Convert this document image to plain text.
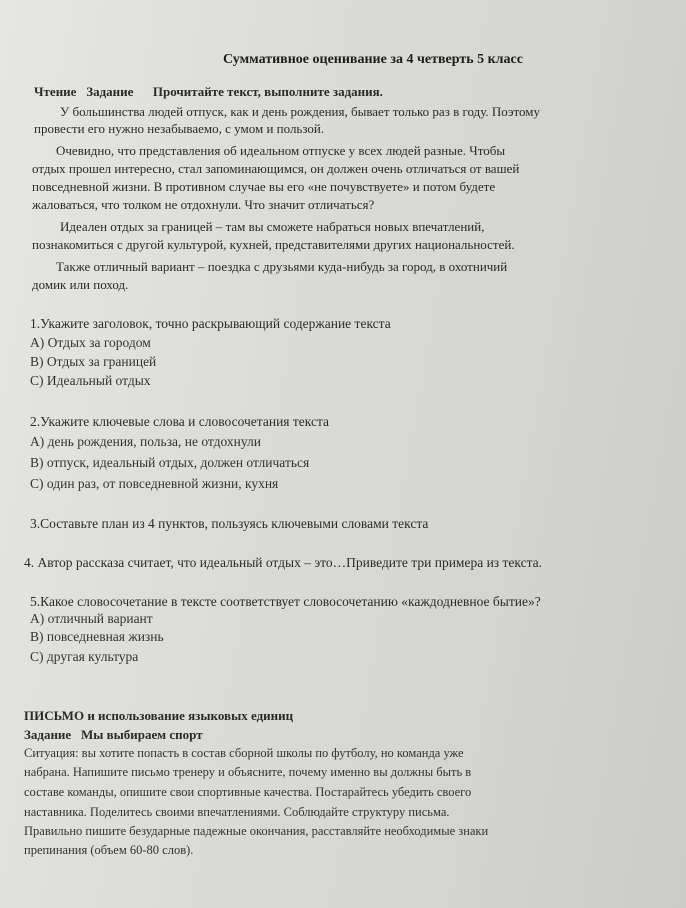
Суммативное оценивание за 4 четверть 5 класс
Чтение Задание Прочитайте текст, выполните задания.
У большинства людей отпуск, как и день рождения, бывает только раз в году. Поэтому
провести его нужно незабываемо, с умом и пользой.
Очевидно, что представления об идеальном отпуске у всех людей разные. Чтобы
отдых прошел интересно, стал запоминающимся, он должен очень отличаться от вашей
повседневной жизни. В противном случае вы его «не почувствуете» и потом будете
жаловаться, что толком не отдохнули. Что значит отличаться?
Идеален отдых за границей – там вы сможете набраться новых впечатлений,
познакомиться с другой культурой, кухней, представителями других национальностей.
Также отличный вариант – поездка с друзьями куда-нибудь за город, в охотничий
домик или поход.
1.Укажите заголовок, точно раскрывающий содержание текста
А) Отдых за городом
В) Отдых за границей
С) Идеальный отдых
2.Укажите ключевые слова и словосочетания текста
А) день рождения, польза, не отдохнули
В) отпуск, идеальный отдых, должен отличаться
С) один раз, от повседневной жизни, кухня
3.Составьте план из 4 пунктов, пользуясь ключевыми словами текста
4. Автор рассказа считает, что идеальный отдых – это…Приведите три примера из текста.
5.Какое словосочетание в тексте соответствует словосочетанию «каждодневное бытие»?
А) отличный вариант
В) повседневная жизнь
С) другая культура
ПИСЬМО и использование языковых единиц
Задание Мы выбираем спорт
Ситуация: вы хотите попасть в состав сборной школы по футболу, но команда уже
набрана. Напишите письмо тренеру и объясните, почему именно вы должны быть в
составе команды, опишите свои спортивные качества. Постарайтесь убедить своего
наставника. Поделитесь своими впечатлениями. Соблюдайте структуру письма.
Правильно пишите безударные падежные окончания, расставляйте необходимые знаки
препинания (объем 60-80 слов).
